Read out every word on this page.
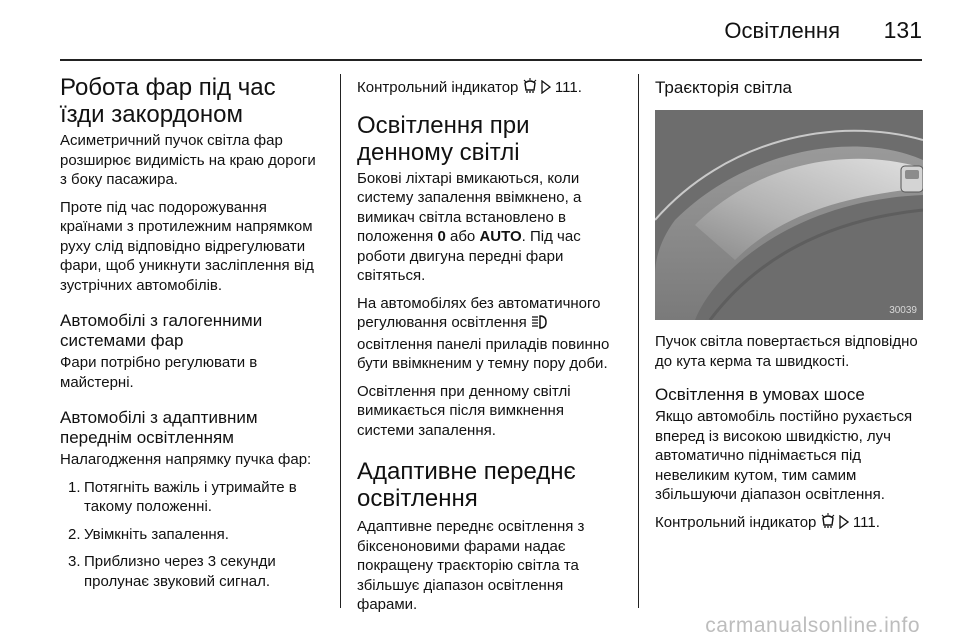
Освітлення 131
Робота фар під час їзди закордоном

Асиметричний пучок світла фар розширює видимість на краю дороги з боку пасажира.

Проте під час подорожування країнами з протилежним напрямком руху слід відповідно відрегулювати фари, щоб уникнути засліплення від зустрічних автомобілів.

Автомобілі з галогенними системами фар

Фари потрібно регулювати в майстерні.

Автомобілі з адаптивним переднім освітленням

Налагодження напрямку пучка фар:

1. Потягніть важіль і утримайте в такому положенні.
2. Увімкніть запалення.
3. Приблизно через 3 секунди пролунає звуковий сигнал.

Контрольний індикатор 111.

Освітлення при денному світлі

Бокові ліхтарі вмикаються, коли систему запалення ввімкнено, а вимикач світла встановлено в положення 0 або AUTO. Під час роботи двигуна передні фари світяться.

На автомобілях без автоматичного регулювання освітлення  освітлення панелі приладів повинно бути ввімкненим у темну пору доби.

Освітлення при денному світлі вимикається після вимкнення системи запалення.

Адаптивне переднє освітлення

Адаптивне переднє освітлення з біксеноновими фарами надає покращену траєкторію світла та збільшує діапазон освітлення фарами.

Траєкторія світла
30039

Пучок світла повертається відповідно до кута керма та швидкості.

Освітлення в умовах шосе

Якщо автомобіль постійно рухається вперед із високою швидкістю, луч автоматично піднімається під невеликим кутом, тим самим збільшуючи діапазон освітлення.

Контрольний індикатор 111.

carmanualsonline.info
